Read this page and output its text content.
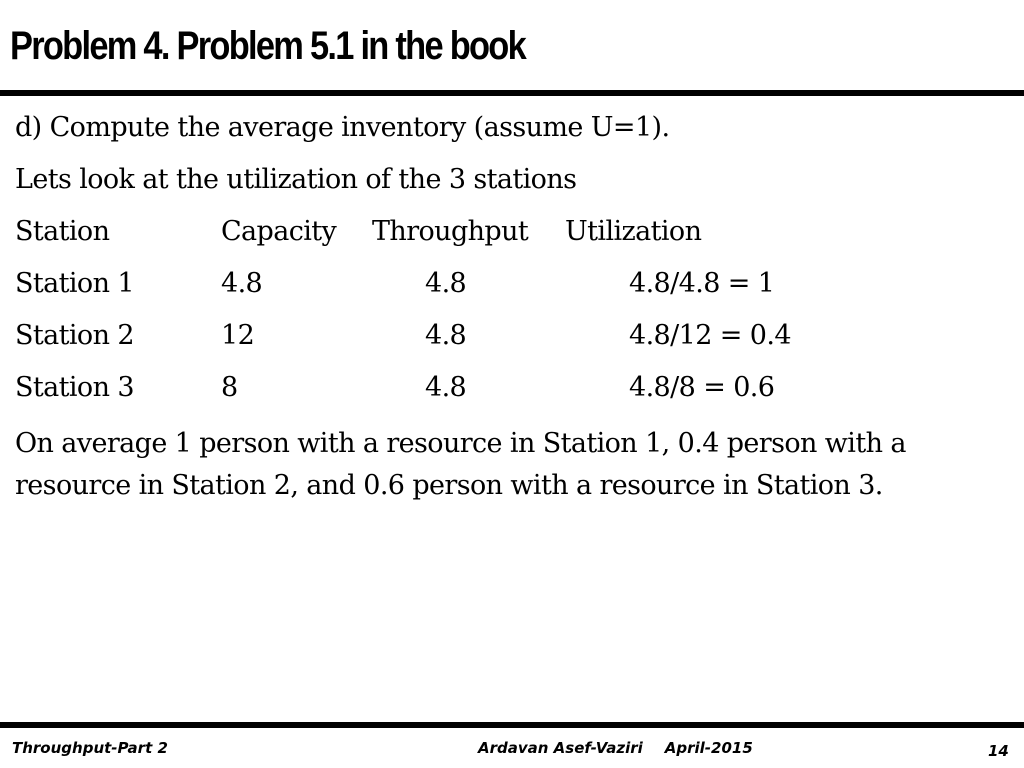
Problem 4. Problem 5.1 in the book
d) Compute the average inventory (assume U=1).
Lets look at the utilization of the 3 stations
Station	Capacity Throughput Utilization
Station 1	4.8	4.8	4.8/4.8 = 1
Station 2	12	4.8	4.8/12 = 0.4
Station 3	8	4.8	4.8/8 = 0.6
On average 1 person with a resource in Station 1, 0.4 person with a resource in Station 2, and 0.6 person with a resource in Station 3.
Throughput-Part 2	Ardavan Asef-Vaziri April-2015	14
